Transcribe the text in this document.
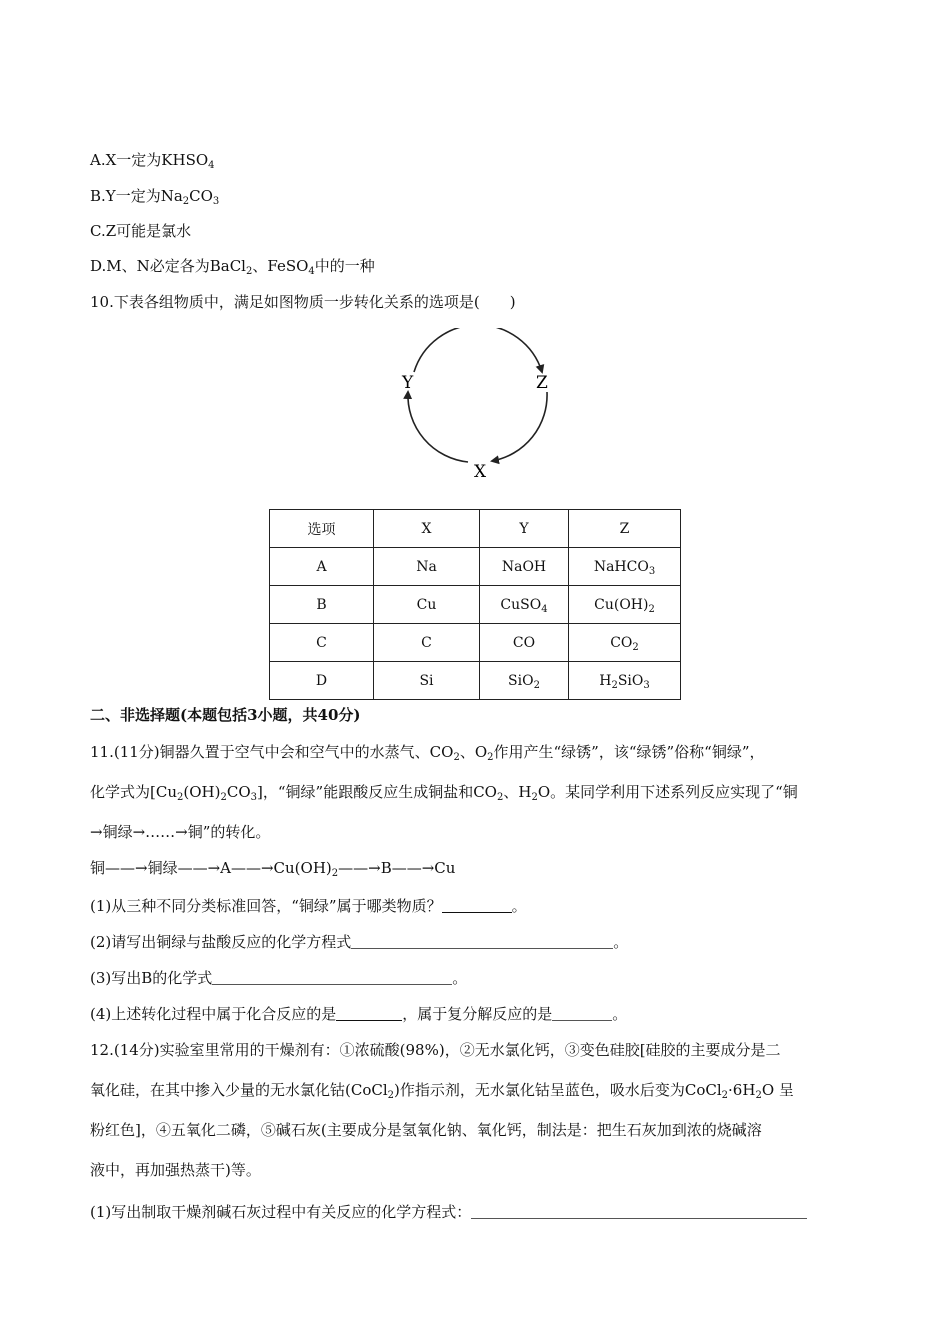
A.X一定为$KHSO_4$
B.Y一定为$Na_2CO_3$
C.Z可能是氯水
D.M、N必定各为BaCl$_2$、FeSO$_4$中的一种
10.下表各组物质中，满足如图物质一步转化关系的选项是(　　)
Y	Z
X
选项	X	Y	Z
A	Na	NaOH	NaHCO$_3$
B	Cu	CuSO$_4$	$Cu(OH)_2$
C	C	CO	$CO_2$
D	Si	SiO$_2$	$H_2SiO_3$
二、非选择题(本题包括3小题，共40分)
11.(11分)铜器久置于空气中会和空气中的水蒸气、$CO_2$、$O_2$作用产生“绿锈”，该“绿锈”俗称“铜绿”，
化学式为$[Cu_2(OH)_2CO_3]$，“铜绿”能跟酸反应生成铜盐和$CO_2$、$H_2O$。某同学利用下述系列反应实现了“铜
→铜绿→……→铜”的转化。
铜——→铜绿$——\to A——\to Cu(OH)_2——\to B——\to Cu$
(1)从三种不同分类标准回答，“铜绿”属于哪类物质？	。
(2)请写出铜绿与盐酸反应的化学方程式	。
(3)写出B的化学式	。
(4)上述转化过程中属于化合反应的是	，属于复分解反应的是	。
12.(14分)实验室里常用的干燥剂有：①浓硫酸(98%)，②无水氯化钙，③变色硅胶[硅胶的主要成分是二
氧化硅，在其中掺入少量的无水氯化钴(CoCl$_2$)作指示剂，无水氯化钴呈蓝色，吸水后变为$CoCl_2\cdot 6H_2O$ 呈
粉红色]，④五氧化二磷，⑤碱石灰(主要成分是氢氧化钠、氧化钙，制法是：把生石灰加到浓的烧碱溶
液中，再加强热蒸干)等。
(1)写出制取干燥剂碱石灰过程中有关反应的化学方程式：
